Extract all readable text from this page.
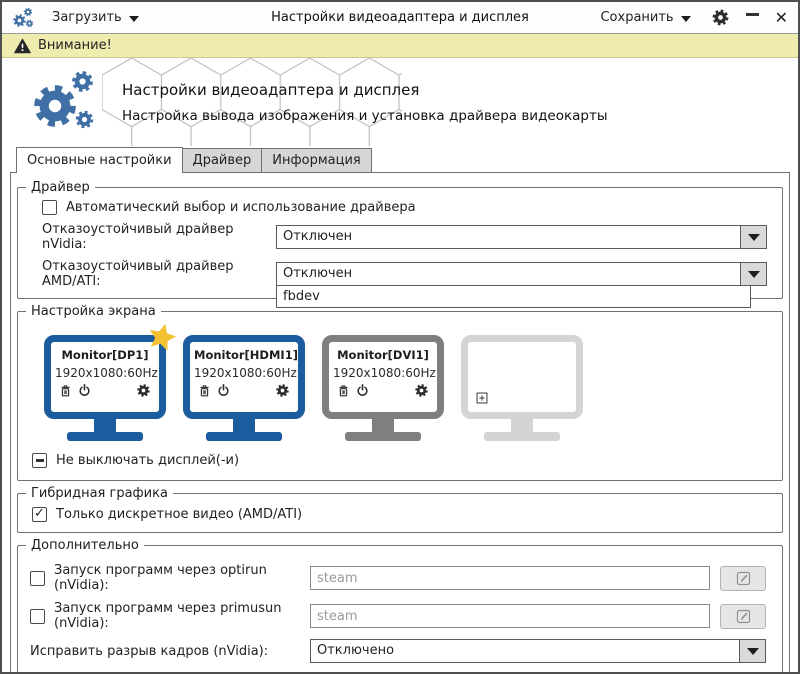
Загрузить	Настройки видеоадаптера и дисплея	Сохранить	✕
Внимание!
Настройки видеоадаптера и дисплея
Настройка вывода изображения и установка драйвера видеокарты
Основные настройки	Драйвер	Информация
Драйвер
Автоматический выбор и использование драйвера
Отказоустойчивый драйвер nVidia:
Отключен
Отказоустойчивый драйвер AMD/ATI:
Отключен
fbdev
Настройка экрана
Monitor[DP1]
1920x1080:60Hz
Monitor[HDMI1]
1920x1080:60Hz
Monitor[DVI1]
1920x1080:60Hz
Не выключать дисплей(-и)
Гибридная графика
✓ Только дискретное видео (AMD/ATI)
Дополнительно
Запуск программ через optirun (nVidia):
steam
Запуск программ через primusun (nVidia):
steam
Исправить разрыв кадров (nVidia):	Отключено
